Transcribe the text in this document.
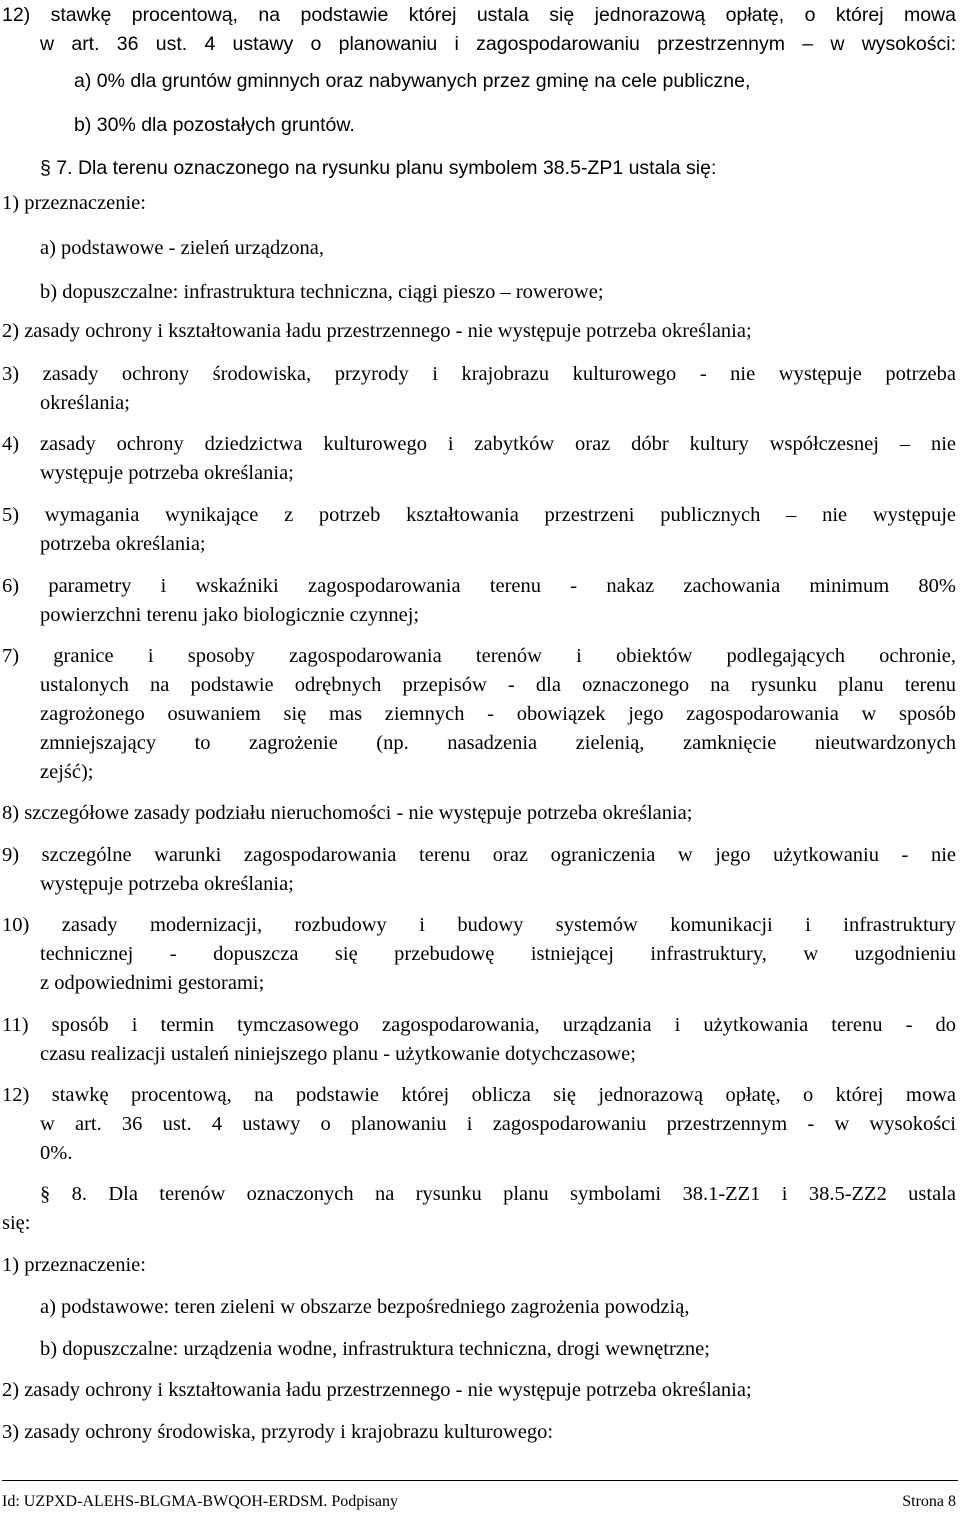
12) stawkę procentową, na podstawie której ustala się jednorazową opłatę, o której mowa
w art. 36 ust. 4 ustawy o planowaniu i zagospodarowaniu przestrzennym – w wysokości:
a) 0% dla gruntów gminnych oraz nabywanych przez gminę na cele publiczne,
b) 30% dla pozostałych gruntów.
§ 7. Dla terenu oznaczonego na rysunku planu symbolem 38.5-ZP1 ustala się:
1) przeznaczenie:
a) podstawowe - zieleń urządzona,
b) dopuszczalne: infrastruktura techniczna, ciągi pieszo – rowerowe;
2) zasady ochrony i kształtowania ładu przestrzennego - nie występuje potrzeba określania;
3) zasady ochrony środowiska, przyrody i krajobrazu kulturowego - nie występuje potrzeba
określania;
4) zasady ochrony dziedzictwa kulturowego i zabytków oraz dóbr kultury współczesnej – nie
występuje potrzeba określania;
5) wymagania wynikające z potrzeb kształtowania przestrzeni publicznych – nie występuje
potrzeba określania;
6) parametry i wskaźniki zagospodarowania terenu - nakaz zachowania minimum 80%
powierzchni terenu jako biologicznie czynnej;
7) granice i sposoby zagospodarowania terenów i obiektów podlegających ochronie,
ustalonych na podstawie odrębnych przepisów - dla oznaczonego na rysunku planu terenu
zagrożonego osuwaniem się mas ziemnych - obowiązek jego zagospodarowania w sposób
zmniejszający to zagrożenie (np. nasadzenia zielenią, zamknięcie nieutwardzonych
zejść);
8) szczegółowe zasady podziału nieruchomości - nie występuje potrzeba określania;
9) szczególne warunki zagospodarowania terenu oraz ograniczenia w jego użytkowaniu - nie
występuje potrzeba określania;
10) zasady modernizacji, rozbudowy i budowy systemów komunikacji i infrastruktury
technicznej - dopuszcza się przebudowę istniejącej infrastruktury, w uzgodnieniu
z odpowiednimi gestorami;
11) sposób i termin tymczasowego zagospodarowania, urządzania i użytkowania terenu - do
czasu realizacji ustaleń niniejszego planu - użytkowanie dotychczasowe;
12) stawkę procentową, na podstawie której oblicza się jednorazową opłatę, o której mowa
w art. 36 ust. 4 ustawy o planowaniu i zagospodarowaniu przestrzennym - w wysokości
0%.
§ 8. Dla terenów oznaczonych na rysunku planu symbolami 38.1-ZZ1 i 38.5-ZZ2 ustala
się:
1) przeznaczenie:
a) podstawowe: teren zieleni w obszarze bezpośredniego zagrożenia powodzią,
b) dopuszczalne: urządzenia wodne, infrastruktura techniczna, drogi wewnętrzne;
2) zasady ochrony i kształtowania ładu przestrzennego - nie występuje potrzeba określania;
3) zasady ochrony środowiska, przyrody i krajobrazu kulturowego:
Id: UZPXD-ALEHS-BLGMA-BWQOH-ERDSM. Podpisany	Strona 8
